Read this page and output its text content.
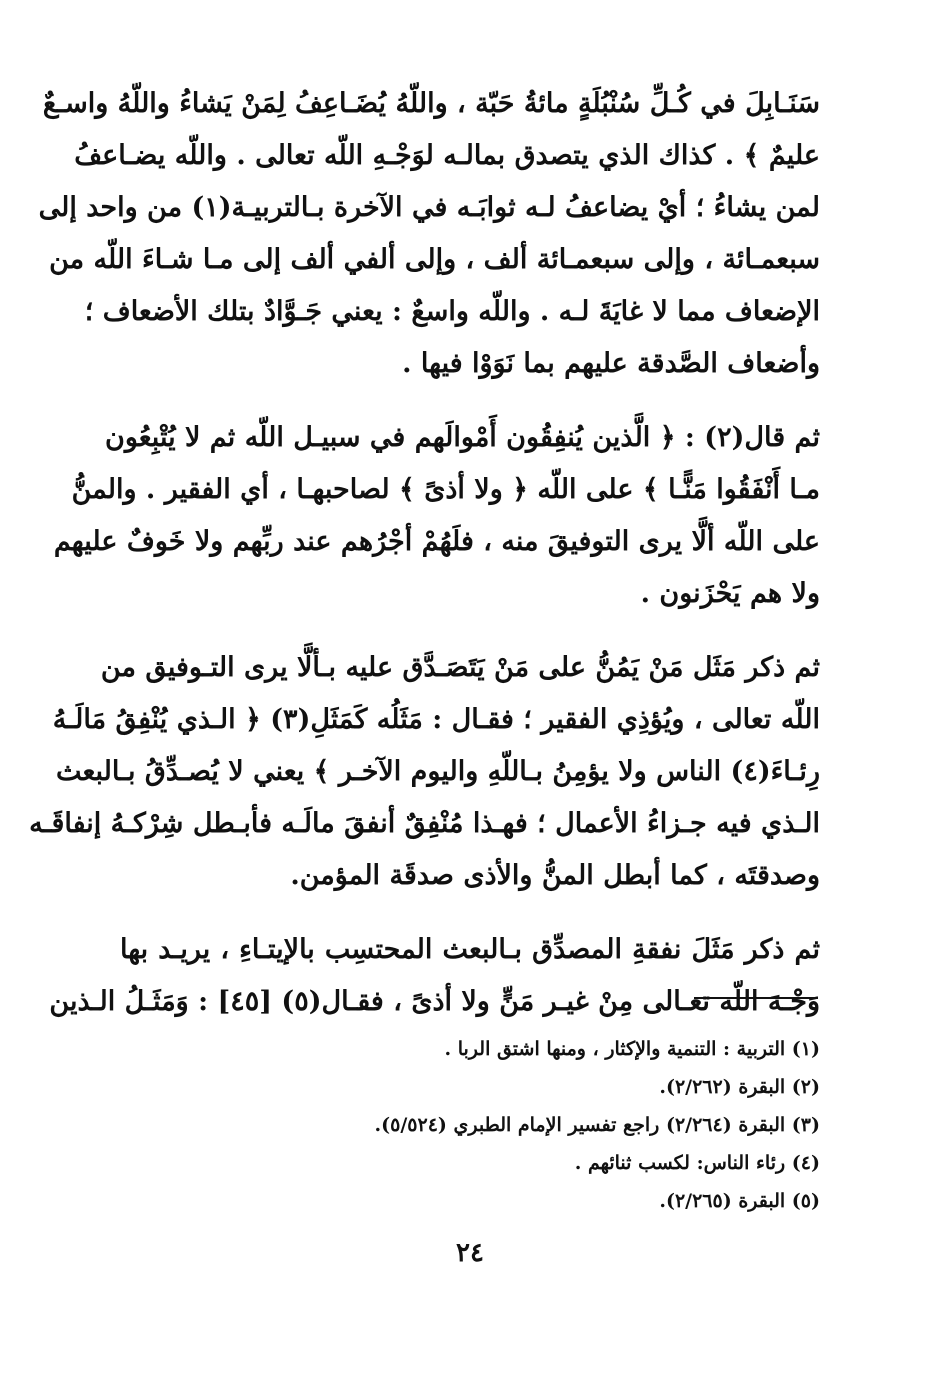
سَنَـابِلَ في كُـلِّ سُنْبُلَةٍ مائةُ حَبّة ، واللّهُ يُضَـاعِفُ لِمَنْ يَشاءُ واللّهُ واسـعٌ
عليمٌ ﴾ . كذاك الذي يتصدق بمالـه لوَجْـهِ اللّه تعالى . واللّه يضـاعفُ
لمن يشاءُ ؛ أيْ يضاعفُ لـه ثوابَـه في الآخرة بـالتربيـة(١) من واحد إلى
سبعمـائة ، وإلى سبعمـائة ألف ، وإلى ألفي ألف إلى مـا شـاءَ اللّه من
الإضعاف مما لا غايَةَ لـه . واللّه واسعٌ : يعني جَـوَّادٌ بتلك الأضعاف ؛
وأضعاف الصَّدقة عليهم بما نَوَوْا فيها .

ثم قال(٢) : ﴿ الَّذين يُنفِقُون أَمْوالَهم في سبيـل اللّه ثم لا يُتْبِعُون
مـا أَنْفَقُوا مَنًّـا ﴾ على اللّه ﴿ ولا أذىً ﴾ لصاحبهـا ، أي الفقير . والمنُّ
على اللّه ألَّا يرى التوفيقَ منه ، فلَهُمْ أجْرُهم عند ربِّهم ولا خَوفٌ عليهم
ولا هم يَحْزَنون .

ثم ذكر مَثَل مَنْ يَمُنُّ على مَنْ يَتَصَـدَّق عليه بـألَّا يرى التـوفيق من
اللّه تعالى ، ويُؤذِي الفقير ؛ فقـال : مَثَلُه كَمَثَلِ(٣) ﴿ الـذي يُنْفِقُ مَالَـهُ
رِئـاءَ(٤) الناس ولا يؤمِنُ بـاللّهِ واليوم الآخـر ﴾ يعني لا يُصـدِّقُ بـالبعث
الـذي فيه جـزاءُ الأعمال ؛ فهـذا مُنْفِقٌ أنفقَ مالَـه فأبـطل شِرْكـهُ إنفاقَـه
وصدقتَه ، كما أبطل المنُّ والأذى صدقَة المؤمن.

ثم ذكر مَثَلَ نفقةِ المصدِّق بـالبعث المحتسِب بالإيتـاءِ ، يريـد بها
وَجْـهَ اللّه تعـالى مِنْ غيـر مَنٍّ ولا أذىً ، فقـال(٥) [٤٥] : وَمَثَـلُ الـذين

(١) التربية : التنمية والإكثار ، ومنها اشتق الربا .
(٢) البقرة (٢/٢٦٢).
(٣) البقرة (٢/٢٦٤) راجع تفسير الإمام الطبري (٥/٥٢٤).
(٤) رئاء الناس: لكسب ثنائهم .
(٥) البقرة (٢/٢٦٥).
٢٤
